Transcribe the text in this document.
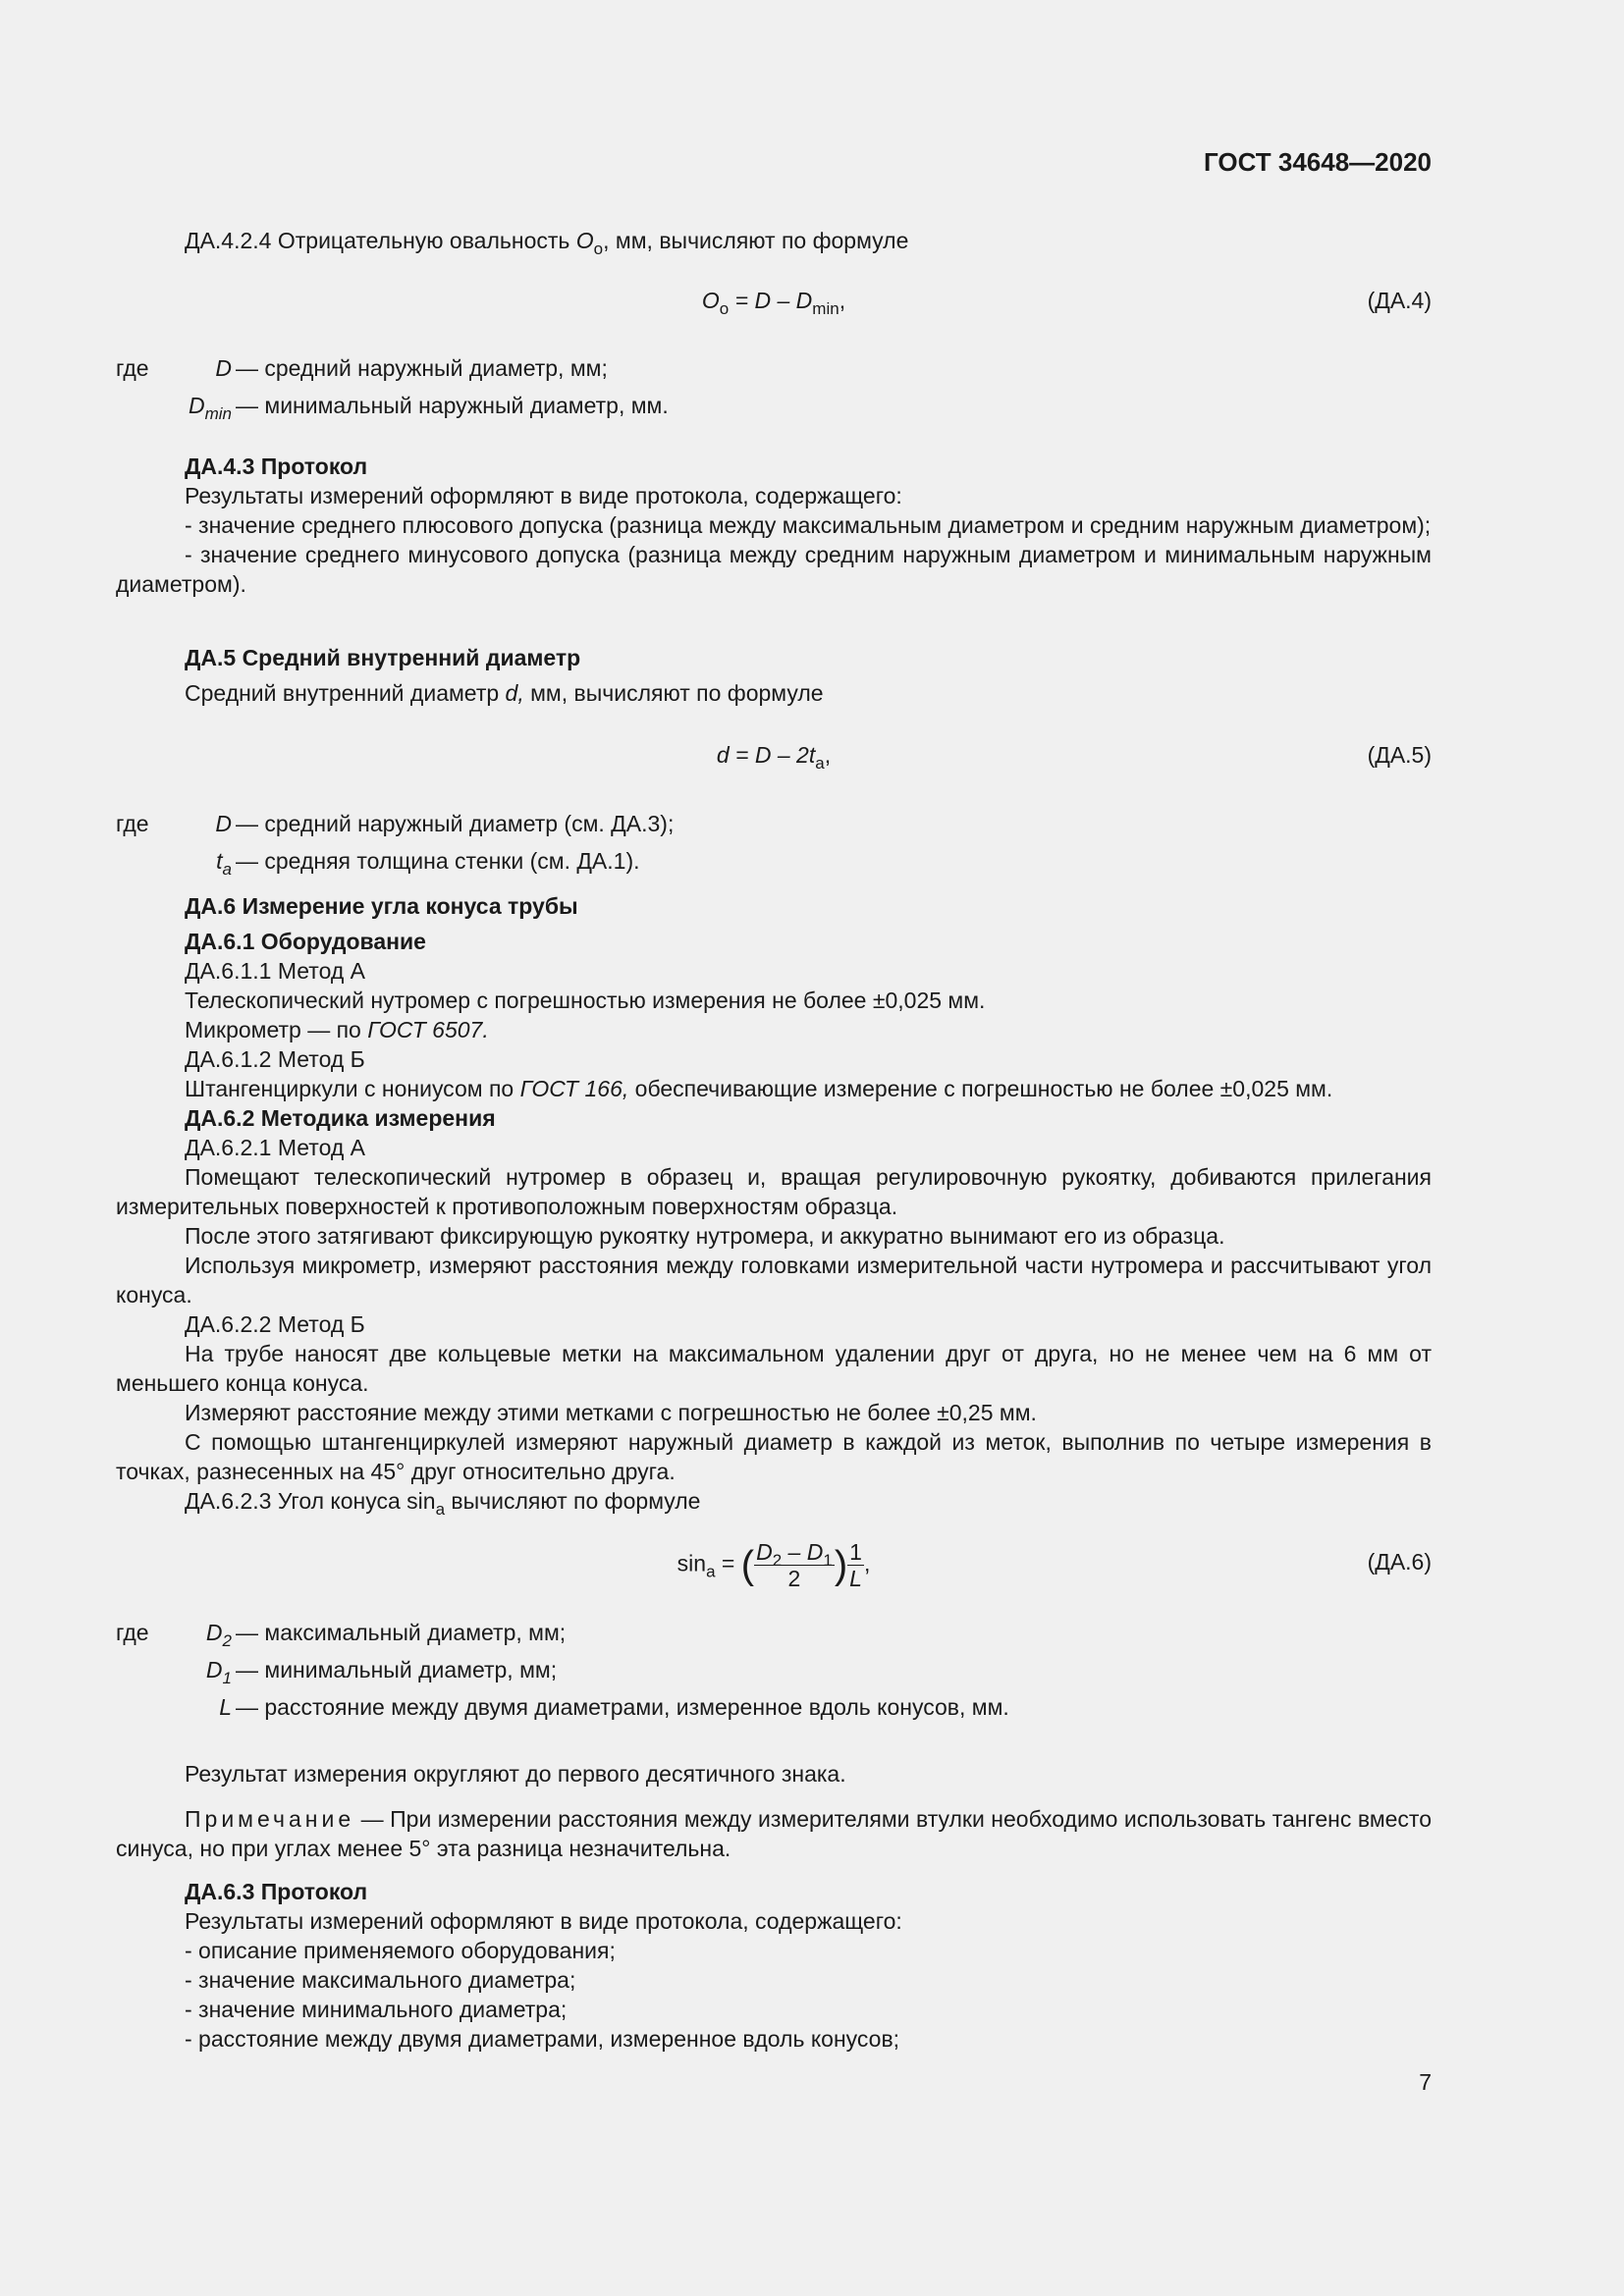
ГОСТ 34648—2020

ДА.4.2.4 Отрицательную овальность $O_o$, мм, вычисляют по формуле

$O_o = D - D_{min}$,	(ДА.4)
где	D — средний наружный диаметр, мм;
$D_{min}$ — минимальный наружный диаметр, мм.

ДА.4.3 Протокол

Результаты измерений оформляют в виде протокола, содержащего:

- значение среднего плюсового допуска (разница между максимальным диаметром и средним наружным диаметром);

- значение среднего минусового допуска (разница между средним наружным диаметром и минимальным наружным диаметром).

ДА.5 Средний внутренний диаметр

Средний внутренний диаметр d, мм, вычисляют по формуле

$d = D - 2t_a$,	(ДА.5)
где	D — средний наружный диаметр (см. ДА.3);
$t_a$ — средняя толщина стенки (см. ДА.1).

ДА.6 Измерение угла конуса трубы

ДА.6.1 Оборудование

ДА.6.1.1 Метод А

Телескопический нутромер с погрешностью измерения не более ±0,025 мм.

Микрометр — по ГОСТ 6507.

ДА.6.1.2 Метод Б

Штангенциркули с нониусом по ГОСТ 166, обеспечивающие измерение с погрешностью не более ±0,025 мм.

ДА.6.2 Методика измерения

ДА.6.2.1 Метод А

Помещают телескопический нутромер в образец и, вращая регулировочную рукоятку, добиваются прилегания измерительных поверхностей к противоположным поверхностям образца.

После этого затягивают фиксирующую рукоятку нутромера, и аккуратно вынимают его из образца.

Используя микрометр, измеряют расстояния между головками измерительной части нутромера и рассчитывают угол конуса.

ДА.6.2.2 Метод Б

На трубе наносят две кольцевые метки на максимальном удалении друг от друга, но не менее чем на 6 мм от меньшего конца конуса.

Измеряют расстояние между этими метками с погрешностью не более ±0,25 мм.

С помощью штангенциркулей измеряют наружный диаметр в каждой из меток, выполнив по четыре измерения в точках, разнесенных на 45° друг относительно друга.

ДА.6.2.3 Угол конуса $\sin_a$ вычисляют по формуле

$\sin_a$ = ( $\frac{D_2 - D_1}{2}$ ) $\frac{1}{L}$ ,	(ДА.6)
где	$D_2$ — максимальный диаметр, мм;
$D_1$ — минимальный диаметр, мм;
L — расстояние между двумя диаметрами, измеренное вдоль конусов, мм.

Результат измерения округляют до первого десятичного знака.

Примечание — При измерении расстояния между измерителями втулки необходимо использовать тангенс вместо синуса, но при углах менее 5° эта разница незначительна.

ДА.6.3 Протокол

Результаты измерений оформляют в виде протокола, содержащего:

- описание применяемого оборудования;

- значение максимального диаметра;

- значение минимального диаметра;

- расстояние между двумя диаметрами, измеренное вдоль конусов;

7
